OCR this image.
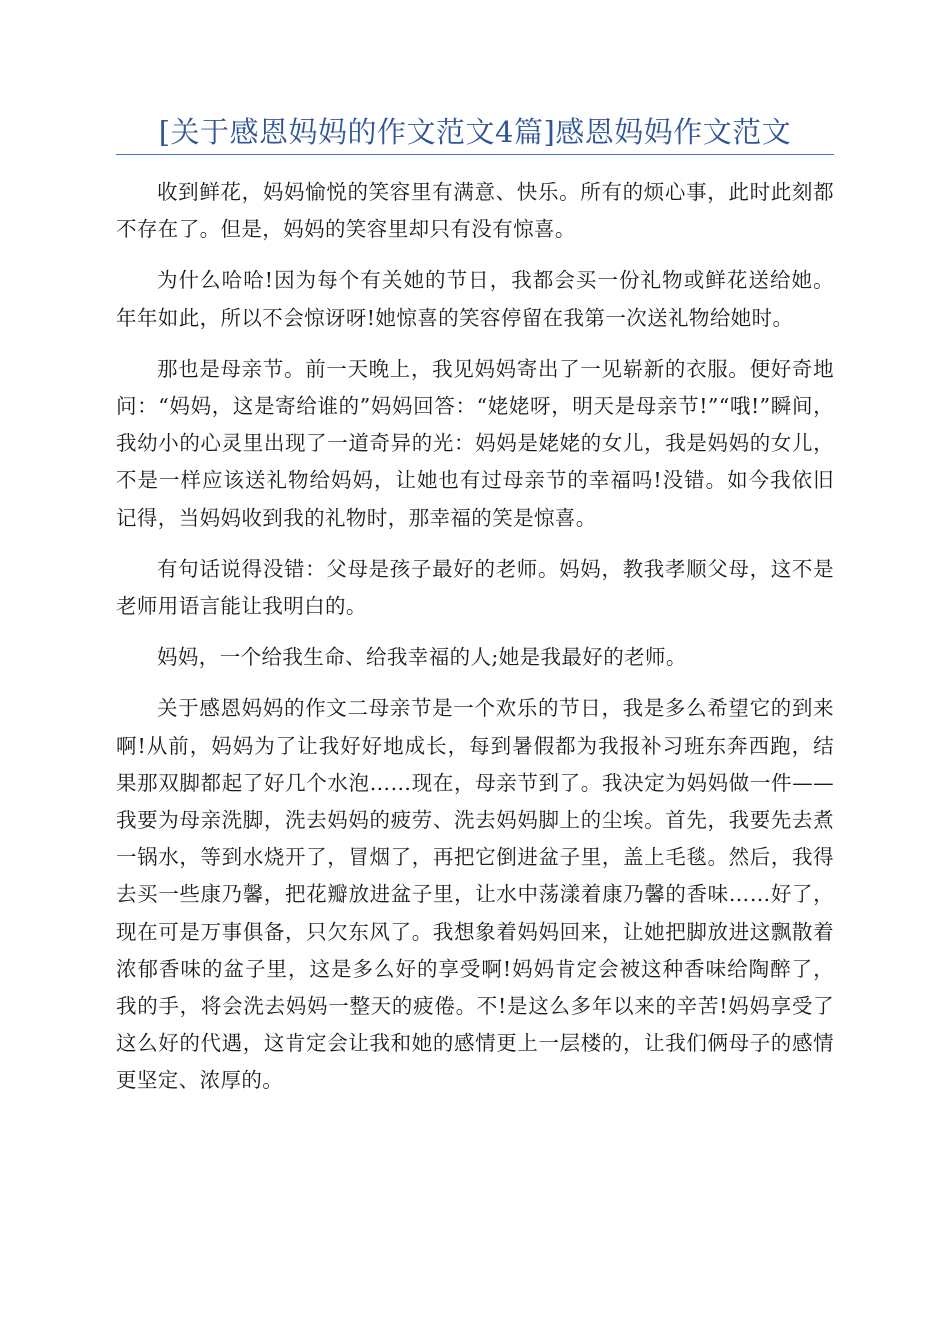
[关于感恩妈妈的作文范文4篇]感恩妈妈作文范文

收到鲜花，妈妈愉悦的笑容里有满意、快乐。所有的烦心事，此时此刻都不存在了。但是，妈妈的笑容里却只有没有惊喜。

为什么哈哈!因为每个有关她的节日，我都会买一份礼物或鲜花送给她。年年如此，所以不会惊讶呀!她惊喜的笑容停留在我第一次送礼物给她时。

那也是母亲节。前一天晚上，我见妈妈寄出了一见崭新的衣服。便好奇地问：“妈妈，这是寄给谁的”妈妈回答：“姥姥呀，明天是母亲节!”“哦!”瞬间，我幼小的心灵里出现了一道奇异的光：妈妈是姥姥的女儿，我是妈妈的女儿，不是一样应该送礼物给妈妈，让她也有过母亲节的幸福吗!没错。如今我依旧记得，当妈妈收到我的礼物时，那幸福的笑是惊喜。

有句话说得没错：父母是孩子最好的老师。妈妈，教我孝顺父母，这不是老师用语言能让我明白的。

妈妈，一个给我生命、给我幸福的人;她是我最好的老师。

关于感恩妈妈的作文二母亲节是一个欢乐的节日，我是多么希望它的到来啊!从前，妈妈为了让我好好地成长，每到暑假都为我报补习班东奔西跑，结果那双脚都起了好几个水泡……现在，母亲节到了。我决定为妈妈做一件——我要为母亲洗脚，洗去妈妈的疲劳、洗去妈妈脚上的尘埃。首先，我要先去煮一锅水，等到水烧开了，冒烟了，再把它倒进盆子里，盖上毛毯。然后，我得去买一些康乃馨，把花瓣放进盆子里，让水中荡漾着康乃馨的香味……好了，现在可是万事俱备，只欠东风了。我想象着妈妈回来，让她把脚放进这飘散着浓郁香味的盆子里，这是多么好的享受啊!妈妈肯定会被这种香味给陶醉了，我的手，将会洗去妈妈一整天的疲倦。不!是这么多年以来的辛苦!妈妈享受了这么好的代遇，这肯定会让我和她的感情更上一层楼的，让我们俩母子的感情更坚定、浓厚的。
